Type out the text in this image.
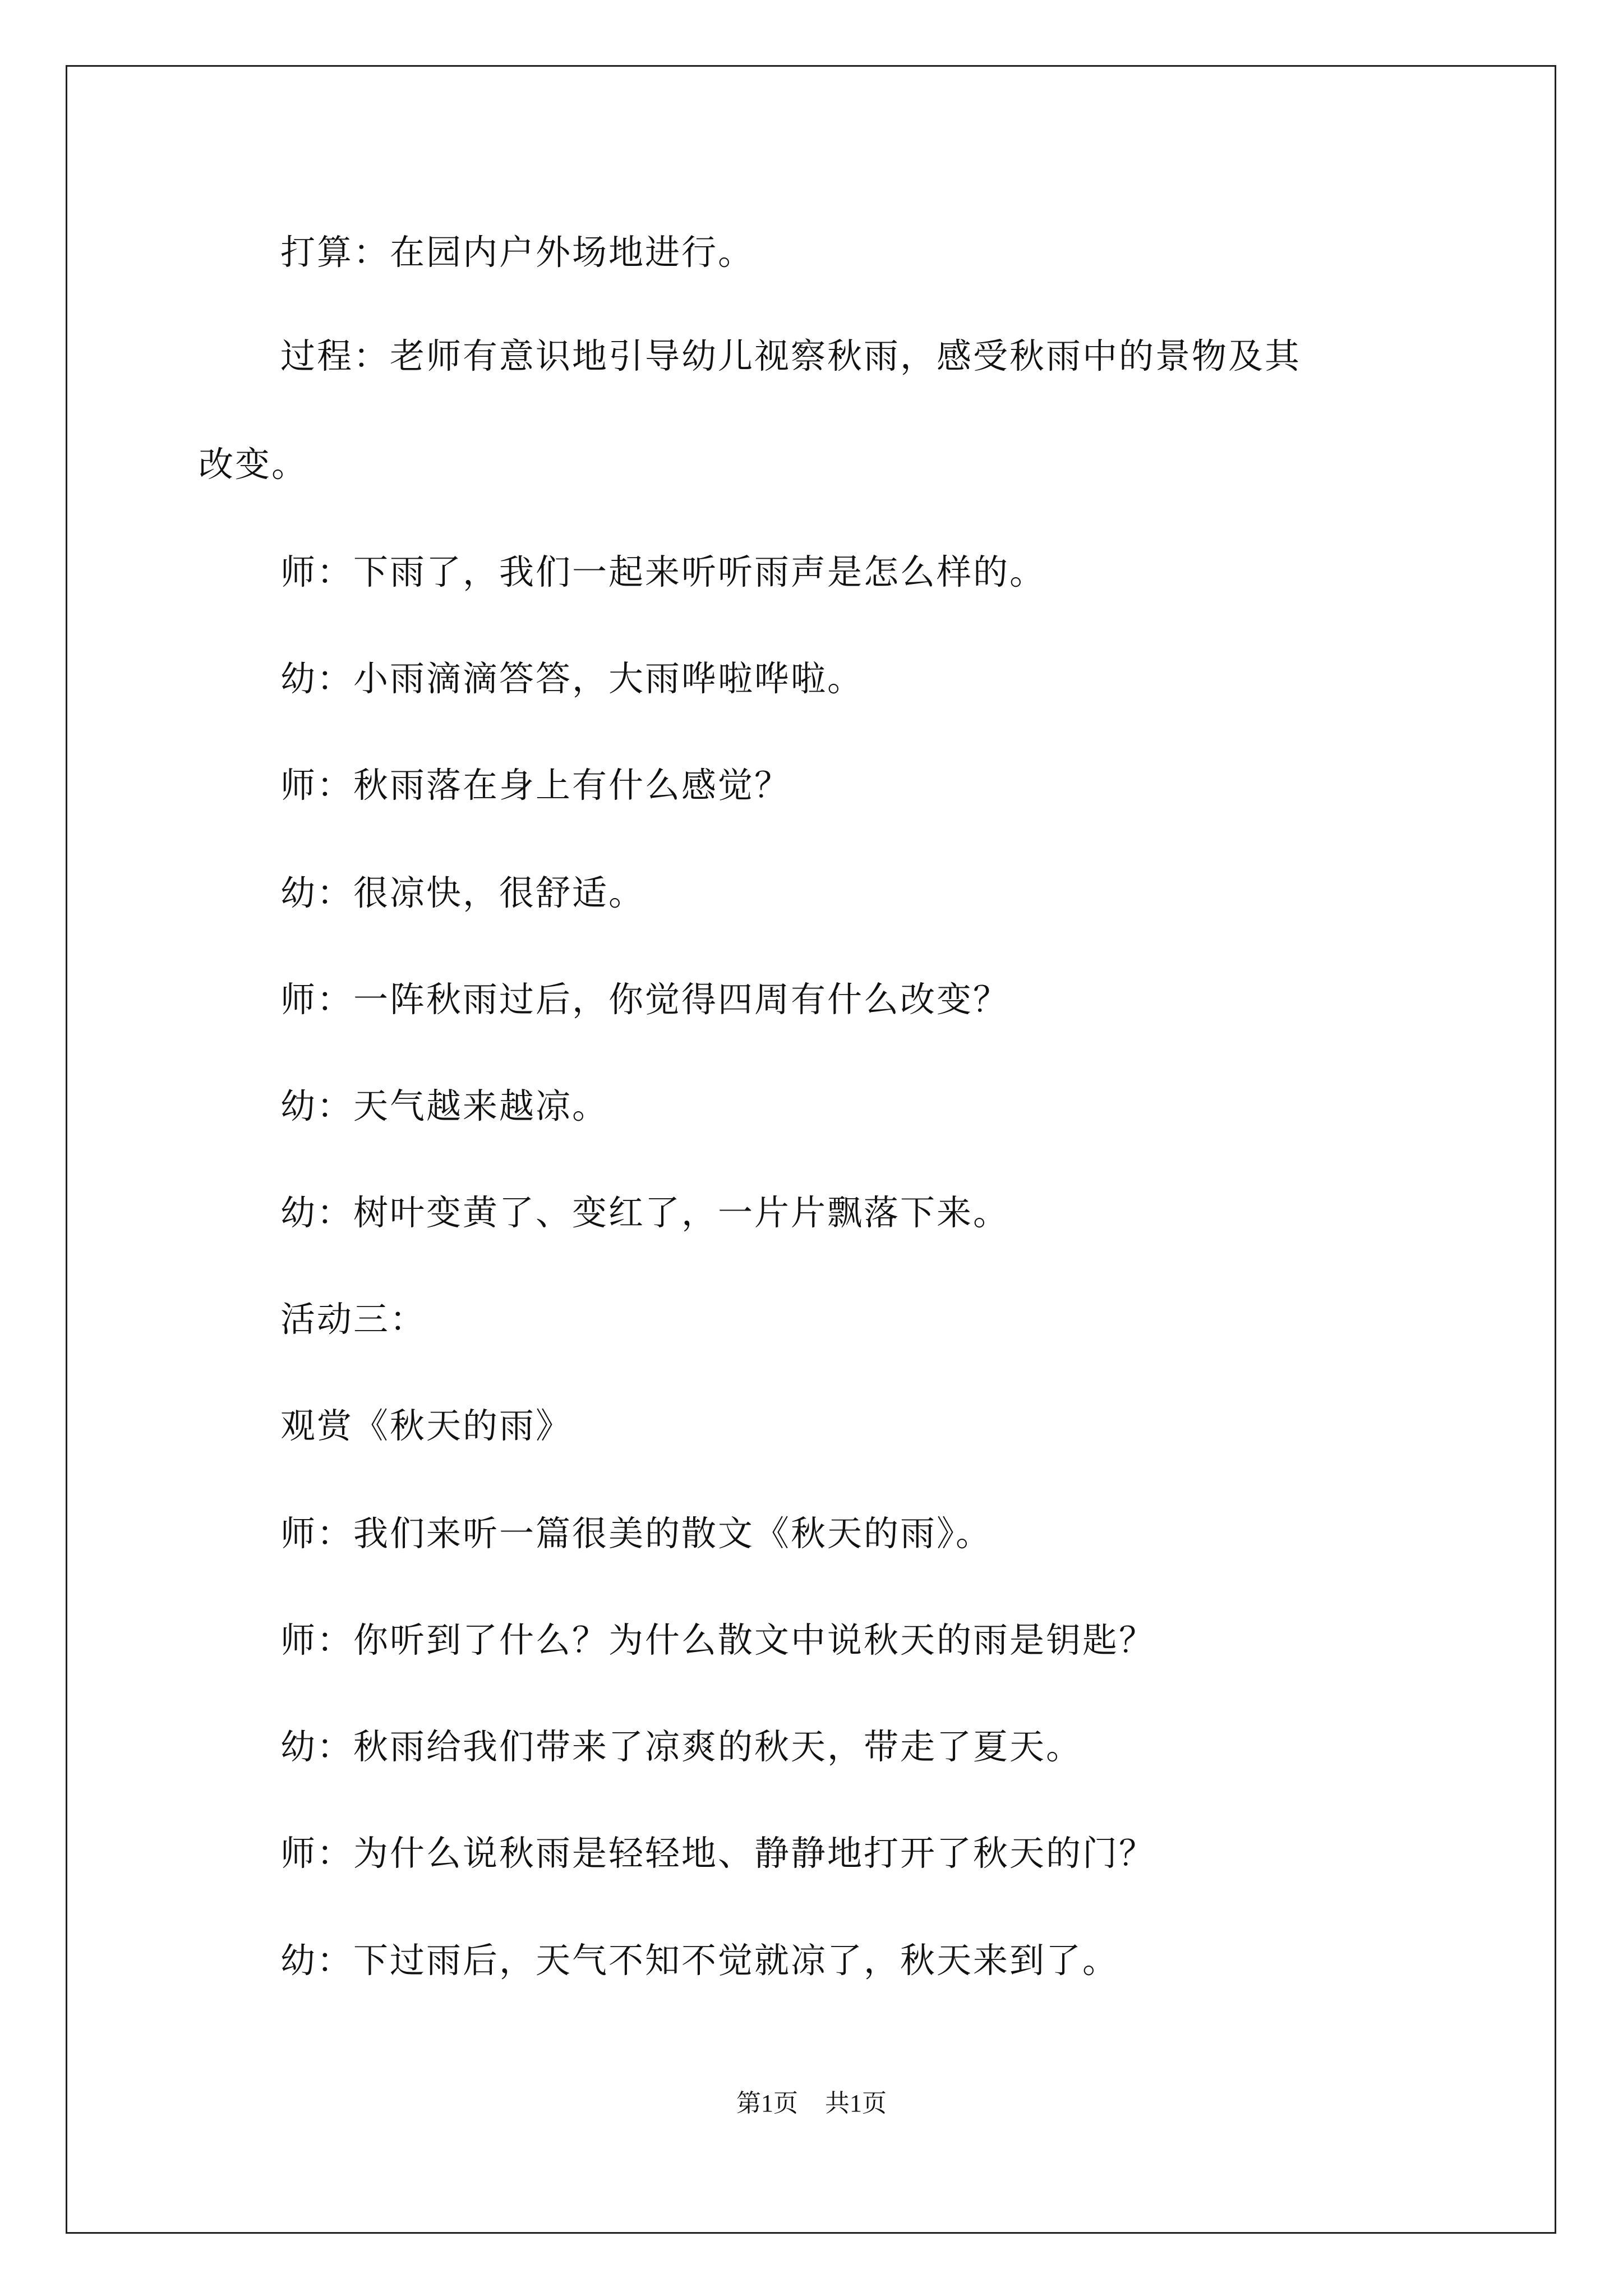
打算：在园内户外场地进行。
过程：老师有意识地引导幼儿视察秋雨，感受秋雨中的景物及其
改变。
师：下雨了，我们一起来听听雨声是怎么样的。
幼：小雨滴滴答答，大雨哗啦哗啦。
师：秋雨落在身上有什么感觉？
幼：很凉快，很舒适。
师：一阵秋雨过后，你觉得四周有什么改变？
幼：天气越来越凉。
幼：树叶变黄了、变红了，一片片飘落下来。
活动三：
观赏《秋天的雨》
师：我们来听一篇很美的散文《秋天的雨》。
师：你听到了什么？为什么散文中说秋天的雨是钥匙？
幼：秋雨给我们带来了凉爽的秋天，带走了夏天。
师：为什么说秋雨是轻轻地、静静地打开了秋天的门？
幼：下过雨后，天气不知不觉就凉了，秋天来到了。
第1页 共1页
